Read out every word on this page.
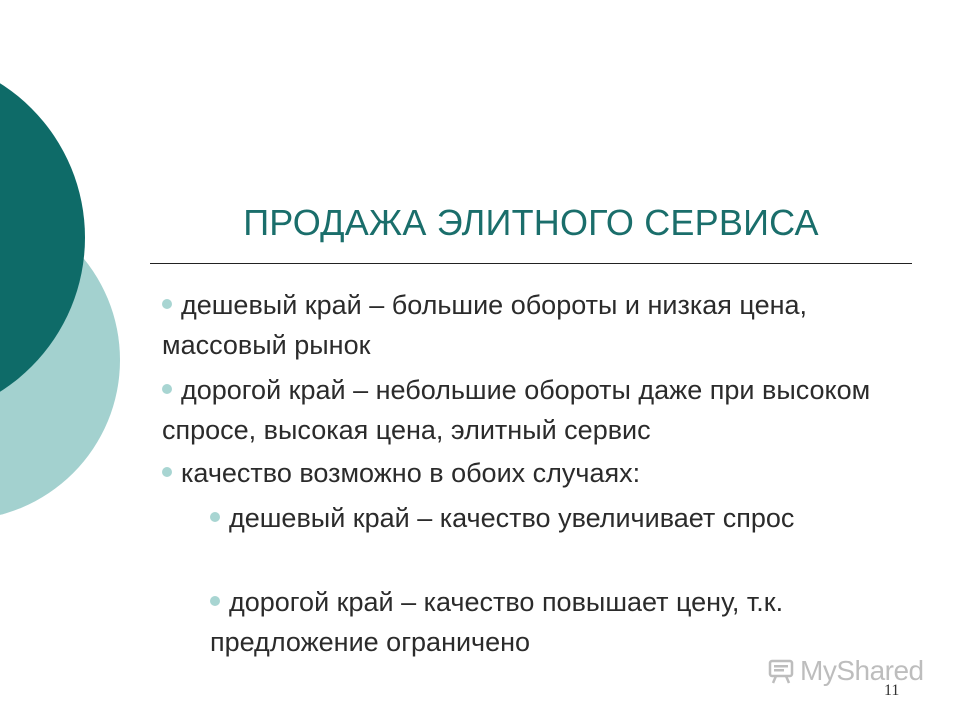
ПРОДАЖА ЭЛИТНОГО СЕРВИСА
дешевый край – большие обороты и низкая цена, массовый рынок
дорогой край – небольшие обороты даже при высоком спросе, высокая цена, элитный сервис
качество возможно в обоих случаях:
дешевый край – качество увеличивает спрос
дорогой край – качество повышает цену, т.к. предложение ограничено
MyShared
11
